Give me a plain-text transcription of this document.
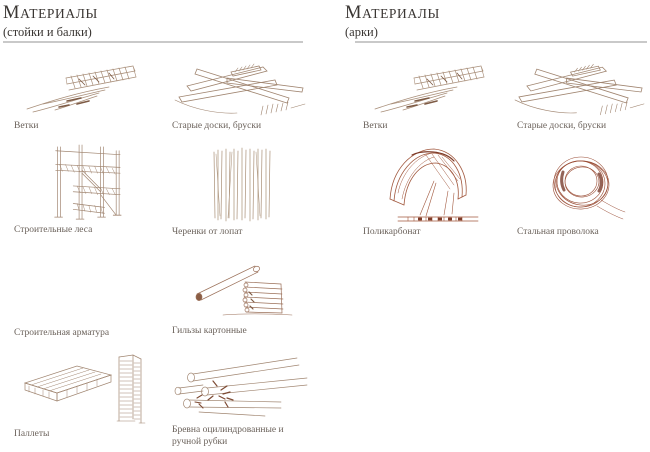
МАТЕРИАЛЫ
(стойки и балки)
МАТЕРИАЛЫ
(арки)
Ветки	Старые доски, бруски
Строительные леса	Черенки от лопат
Строительная арматура	Гильзы картонные
Паллеты	Бревна оцилиндрованные и ручной рубки
Ветки	Старые доски, бруски
Поликарбонат	Стальная проволока
